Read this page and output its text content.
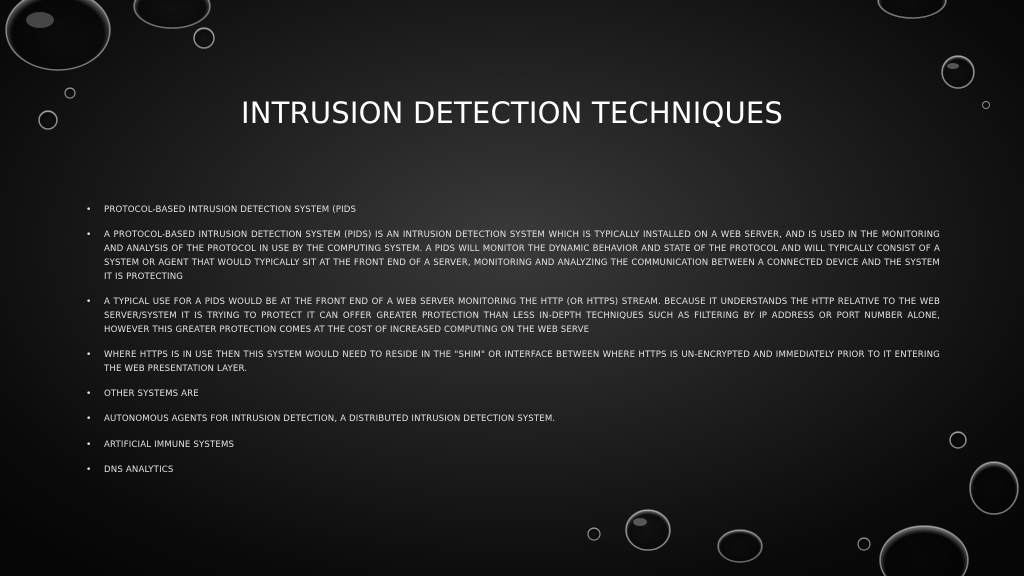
INTRUSION DETECTION TECHNIQUES
•	PROTOCOL-BASED INTRUSION DETECTION SYSTEM (PIDS
•	A PROTOCOL-BASED INTRUSION DETECTION SYSTEM (PIDS) IS AN INTRUSION DETECTION SYSTEM WHICH IS TYPICALLY INSTALLED ON A WEB SERVER, AND IS USED IN THE MONITORING AND ANALYSIS OF THE PROTOCOL IN USE BY THE COMPUTING SYSTEM. A PIDS WILL MONITOR THE DYNAMIC BEHAVIOR AND STATE OF THE PROTOCOL AND WILL TYPICALLY CONSIST OF A SYSTEM OR AGENT THAT WOULD TYPICALLY SIT AT THE FRONT END OF A SERVER, MONITORING AND ANALYZING THE COMMUNICATION BETWEEN A CONNECTED DEVICE AND THE SYSTEM IT IS PROTECTING
•	A TYPICAL USE FOR A PIDS WOULD BE AT THE FRONT END OF A WEB SERVER MONITORING THE HTTP (OR HTTPS) STREAM. BECAUSE IT UNDERSTANDS THE HTTP RELATIVE TO THE WEB SERVER/SYSTEM IT IS TRYING TO PROTECT IT CAN OFFER GREATER PROTECTION THAN LESS IN-DEPTH TECHNIQUES SUCH AS FILTERING BY IP ADDRESS OR PORT NUMBER ALONE, HOWEVER THIS GREATER PROTECTION COMES AT THE COST OF INCREASED COMPUTING ON THE WEB SERVE
•	WHERE HTTPS IS IN USE THEN THIS SYSTEM WOULD NEED TO RESIDE IN THE "SHIM" OR INTERFACE BETWEEN WHERE HTTPS IS UN-ENCRYPTED AND IMMEDIATELY PRIOR TO IT ENTERING THE WEB PRESENTATION LAYER.
•	OTHER SYSTEMS ARE
•	AUTONOMOUS AGENTS FOR INTRUSION DETECTION, A DISTRIBUTED INTRUSION DETECTION SYSTEM.
•	ARTIFICIAL IMMUNE SYSTEMS
•	DNS ANALYTICS
